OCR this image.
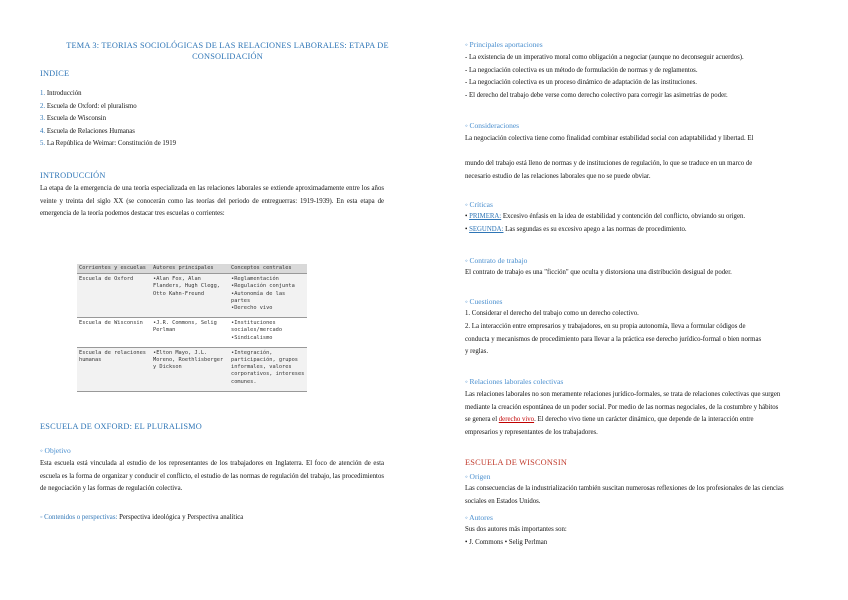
TEMA 3: TEORIAS SOCIOLÓGICAS DE LAS RELACIONES LABORALES: ETAPA DE CONSOLIDACIÓN
INDICE
1. Introducción
2. Escuela de Oxford: el pluralismo
3. Escuela de Wisconsin
4. Escuela de Relaciones Humanas
5. La República de Weimar: Constitución de 1919
INTRODUCCIÓN
La etapa de la emergencia de una teoría especializada en las relaciones laborales se extiende aproximadamente entre los años veinte y treinta del siglo XX (se conocerán como las teorías del periodo de entreguerras: 1919-1939). En esta etapa de emergencia de la teoría podemos destacar tres escuelas o corrientes:
Corrientes y escuelas	Autores principales	Conceptos centrales
Escuela de Oxford	•Alan Fox, Alan Flanders, Hugh Clegg, Otto Kahn-Freund	•Reglamentación
•Regulación conjunta
•Autonomía de las partes
•Derecho vivo

Escuela de Wisconsin	•J.R. Commons, Selig Perlman	•Instituciones sociales/mercado
•Sindicalismo

Escuela de relaciones humanas	•Elton Mayo, J.L. Moreno, Roethlisberger y Dickson	•Integración, participación, grupos informales, valores corporativos, intereses comunes.
ESCUELA DE OXFORD: EL PLURALISMO
◦ Objetivo
Esta escuela está vinculada al estudio de los representantes de los trabajadores en Inglaterra. El foco de atención de esta escuela es la forma de organizar y conducir el conflicto, el estudio de las normas de regulación del trabajo, las procedimientos de negociación y las formas de regulación colectiva.
◦ Contenidos o perspectivas: Perspectiva ideológica y Perspectiva analítica
◦ Principales aportaciones
- La existencia de un imperativo moral como obligación a negociar (aunque no deconseguir acuerdos).
- La negociación colectiva es un método de formulación de normas y de reglamentos.
- La negociación colectiva es un proceso dinámico de adaptación de las instituciones.
- El derecho del trabajo debe verse como derecho colectivo para corregir las asimetrías de poder.
◦ Consideraciones
La negociación colectiva tiene como finalidad combinar estabilidad social con adaptabilidad y libertad. El
mundo del trabajo está lleno de normas y de instituciones de regulación, lo que se traduce en un marco de necesario estudio de las relaciones laborales que no se puede obviar.
◦ Críticas
• PRIMERA: Excesivo énfasis en la idea de estabilidad y contención del conflicto, obviando su origen.
• SEGUNDA: Las segundas es su excesivo apego a las normas de procedimiento.
◦ Contrato de trabajo
El contrato de trabajo es una "ficción" que oculta y distorsiona una distribución desigual de poder.
◦ Cuestiones
1. Considerar el derecho del trabajo como un derecho colectivo.
2. La interacción entre empresarios y trabajadores, en su propia autonomía, lleva a formular códigos de conducta y mecanismos de procedimiento para llevar a la práctica ese derecho jurídico-formal o bien normas y reglas.
◦ Relaciones laborales colectivas
Las relaciones laborales no son meramente relaciones jurídico-formales, se trata de relaciones colectivas que surgen mediante la creación espontánea de un poder social. Por medio de las normas negociales, de la costumbre y hábitos se genera el derecho vivo. El derecho vivo tiene un carácter dinámico, que depende de la interacción entre empresarios y representantes de los trabajadores.
ESCUELA DE WISCONSIN
◦ Origen
Las consecuencias de la industrialización también suscitan numerosas reflexiones de los profesionales de las ciencias sociales en Estados Unidos.
◦ Autores
Sus dos autores más importantes son:
• J. Commons • Selig Perlman
